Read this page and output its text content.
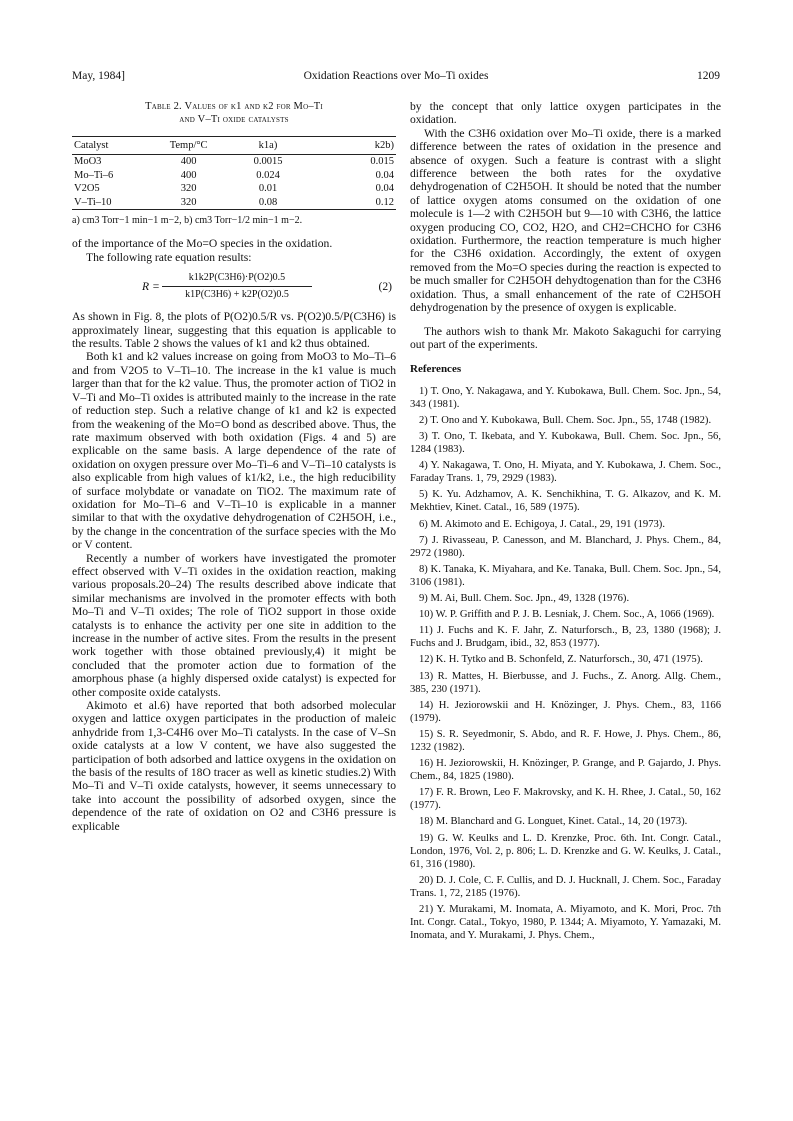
May, 1984]	Oxidation Reactions over Mo–Ti oxides	1209
Table 2. Values of k1 and k2 for Mo–Ti
and V–Ti oxide catalysts
Catalyst	Temp/°C	k1a)	k2b)
MoO3	400	0.0015	0.015
Mo–Ti–6	400	0.024	0.04
V2O5	320	0.01	0.04
V–Ti–10	320	0.08	0.12
a) cm3 Torr−1 min−1 m−2, b) cm3 Torr−1/2 min−1 m−2.

of the importance of the Mo=O species in the oxidation.

The following rate equation results:

R =
k1k2P(C3H6)·P(O2)0.5
k1P(C3H6) + k2P(O2)0.5
(2)

As shown in Fig. 8, the plots of P(O2)0.5/R vs. P(O2)0.5/P(C3H6) is approximately linear, suggesting that this equation is applicable to the results. Table 2 shows the values of k1 and k2 thus obtained.

Both k1 and k2 values increase on going from MoO3 to Mo–Ti–6 and from V2O5 to V–Ti–10. The increase in the k1 value is much larger than that for the k2 value. Thus, the promoter action of TiO2 in V–Ti and Mo–Ti oxides is attributed mainly to the increase in the rate of reduction step. Such a relative change of k1 and k2 is expected from the weakening of the Mo=O bond as described above. Thus, the rate maximum observed with both oxidation (Figs. 4 and 5) are explicable on the same basis. A large dependence of the rate of oxidation on oxygen pressure over Mo–Ti–6 and V–Ti–10 catalysts is also explicable from high values of k1/k2, i.e., the high reducibility of surface molybdate or vanadate on TiO2. The maximum rate of oxidation for Mo–Ti–6 and V–Ti–10 is explicable in a manner similar to that with the oxydative dehydrogenation of C2H5OH, i.e., by the change in the concentration of the surface species with the Mo or V content.

Recently a number of workers have investigated the promoter effect observed with V–Ti oxides in the oxidation reaction, making various proposals.20–24) The results described above indicate that similar mechanisms are involved in the promoter effects with both Mo–Ti and V–Ti oxides; The role of TiO2 support in those oxide catalysts is to enhance the activity per one site in addition to the increase in the number of active sites. From the results in the present work together with those obtained previously,4) it might be concluded that the promoter action due to formation of the amorphous phase (a highly dispersed oxide catalyst) is expected for other composite oxide catalysts.

Akimoto et al.6) have reported that both adsorbed molecular oxygen and lattice oxygen participates in the production of maleic anhydride from 1,3-C4H6 over Mo–Ti catalysts. In the case of V–Sn oxide catalysts at a low V content, we have also suggested the participation of both adsorbed and lattice oxygens in the oxidation on the basis of the results of 18O tracer as well as kinetic studies.2) With Mo–Ti and V–Ti oxide catalysts, however, it seems unnecessary to take into account the possibility of adsorbed oxygen, since the dependence of the rate of oxidation on O2 and C3H6 pressure is explicable

by the concept that only lattice oxygen participates in the oxidation.

With the C3H6 oxidation over Mo–Ti oxide, there is a marked difference between the rates of oxidation in the presence and absence of oxygen. Such a feature is contrast with a slight difference between the both rates for the oxydative dehydrogenation of C2H5OH. It should be noted that the number of lattice oxygen atoms consumed on the oxidation of one molecule is 1—2 with C2H5OH but 9—10 with C3H6, the lattice oxygen producing CO, CO2, H2O, and CH2=CHCHO for C3H6 oxidation. Furthermore, the reaction temperature is much higher for the C3H6 oxidation. Accordingly, the extent of oxygen removed from the Mo=O species during the reaction is expected to be much smaller for C2H5OH dehydtogenation than for the C3H6 oxidation. Thus, a small enhancement of the rate of C2H5OH dehydrogenation by the presence of oxygen is explicable.

The authors wish to thank Mr. Makoto Sakaguchi for carrying out part of the experiments.

References
1) T. Ono, Y. Nakagawa, and Y. Kubokawa, Bull. Chem. Soc. Jpn., 54, 343 (1981).
2) T. Ono and Y. Kubokawa, Bull. Chem. Soc. Jpn., 55, 1748 (1982).
3) T. Ono, T. Ikebata, and Y. Kubokawa, Bull. Chem. Soc. Jpn., 56, 1284 (1983).
4) Y. Nakagawa, T. Ono, H. Miyata, and Y. Kubokawa, J. Chem. Soc., Faraday Trans. 1, 79, 2929 (1983).
5) K. Yu. Adzhamov, A. K. Senchikhina, T. G. Alkazov, and K. M. Mekhtiev, Kinet. Catal., 16, 589 (1975).
6) M. Akimoto and E. Echigoya, J. Catal., 29, 191 (1973).
7) J. Rivasseau, P. Canesson, and M. Blanchard, J. Phys. Chem., 84, 2972 (1980).
8) K. Tanaka, K. Miyahara, and Ke. Tanaka, Bull. Chem. Soc. Jpn., 54, 3106 (1981).
9) M. Ai, Bull. Chem. Soc. Jpn., 49, 1328 (1976).
10) W. P. Griffith and P. J. B. Lesniak, J. Chem. Soc., A, 1066 (1969).
11) J. Fuchs and K. F. Jahr, Z. Naturforsch., B, 23, 1380 (1968); J. Fuchs and J. Brudgam, ibid., 32, 853 (1977).
12) K. H. Tytko and B. Schonfeld, Z. Naturforsch., 30, 471 (1975).
13) R. Mattes, H. Bierbusse, and J. Fuchs., Z. Anorg. Allg. Chem., 385, 230 (1971).
14) H. Jeziorowskii and H. Knözinger, J. Phys. Chem., 83, 1166 (1979).
15) S. R. Seyedmonir, S. Abdo, and R. F. Howe, J. Phys. Chem., 86, 1232 (1982).
16) H. Jeziorowskii, H. Knözinger, P. Grange, and P. Gajardo, J. Phys. Chem., 84, 1825 (1980).
17) F. R. Brown, Leo F. Makrovsky, and K. H. Rhee, J. Catal., 50, 162 (1977).
18) M. Blanchard and G. Longuet, Kinet. Catal., 14, 20 (1973).
19) G. W. Keulks and L. D. Krenzke, Proc. 6th. Int. Congr. Catal., London, 1976, Vol. 2, p. 806; L. D. Krenzke and G. W. Keulks, J. Catal., 61, 316 (1980).
20) D. J. Cole, C. F. Cullis, and D. J. Hucknall, J. Chem. Soc., Faraday Trans. 1, 72, 2185 (1976).
21) Y. Murakami, M. Inomata, A. Miyamoto, and K. Mori, Proc. 7th Int. Congr. Catal., Tokyo, 1980, P. 1344; A. Miyamoto, Y. Yamazaki, M. Inomata, and Y. Murakami, J. Phys. Chem.,
